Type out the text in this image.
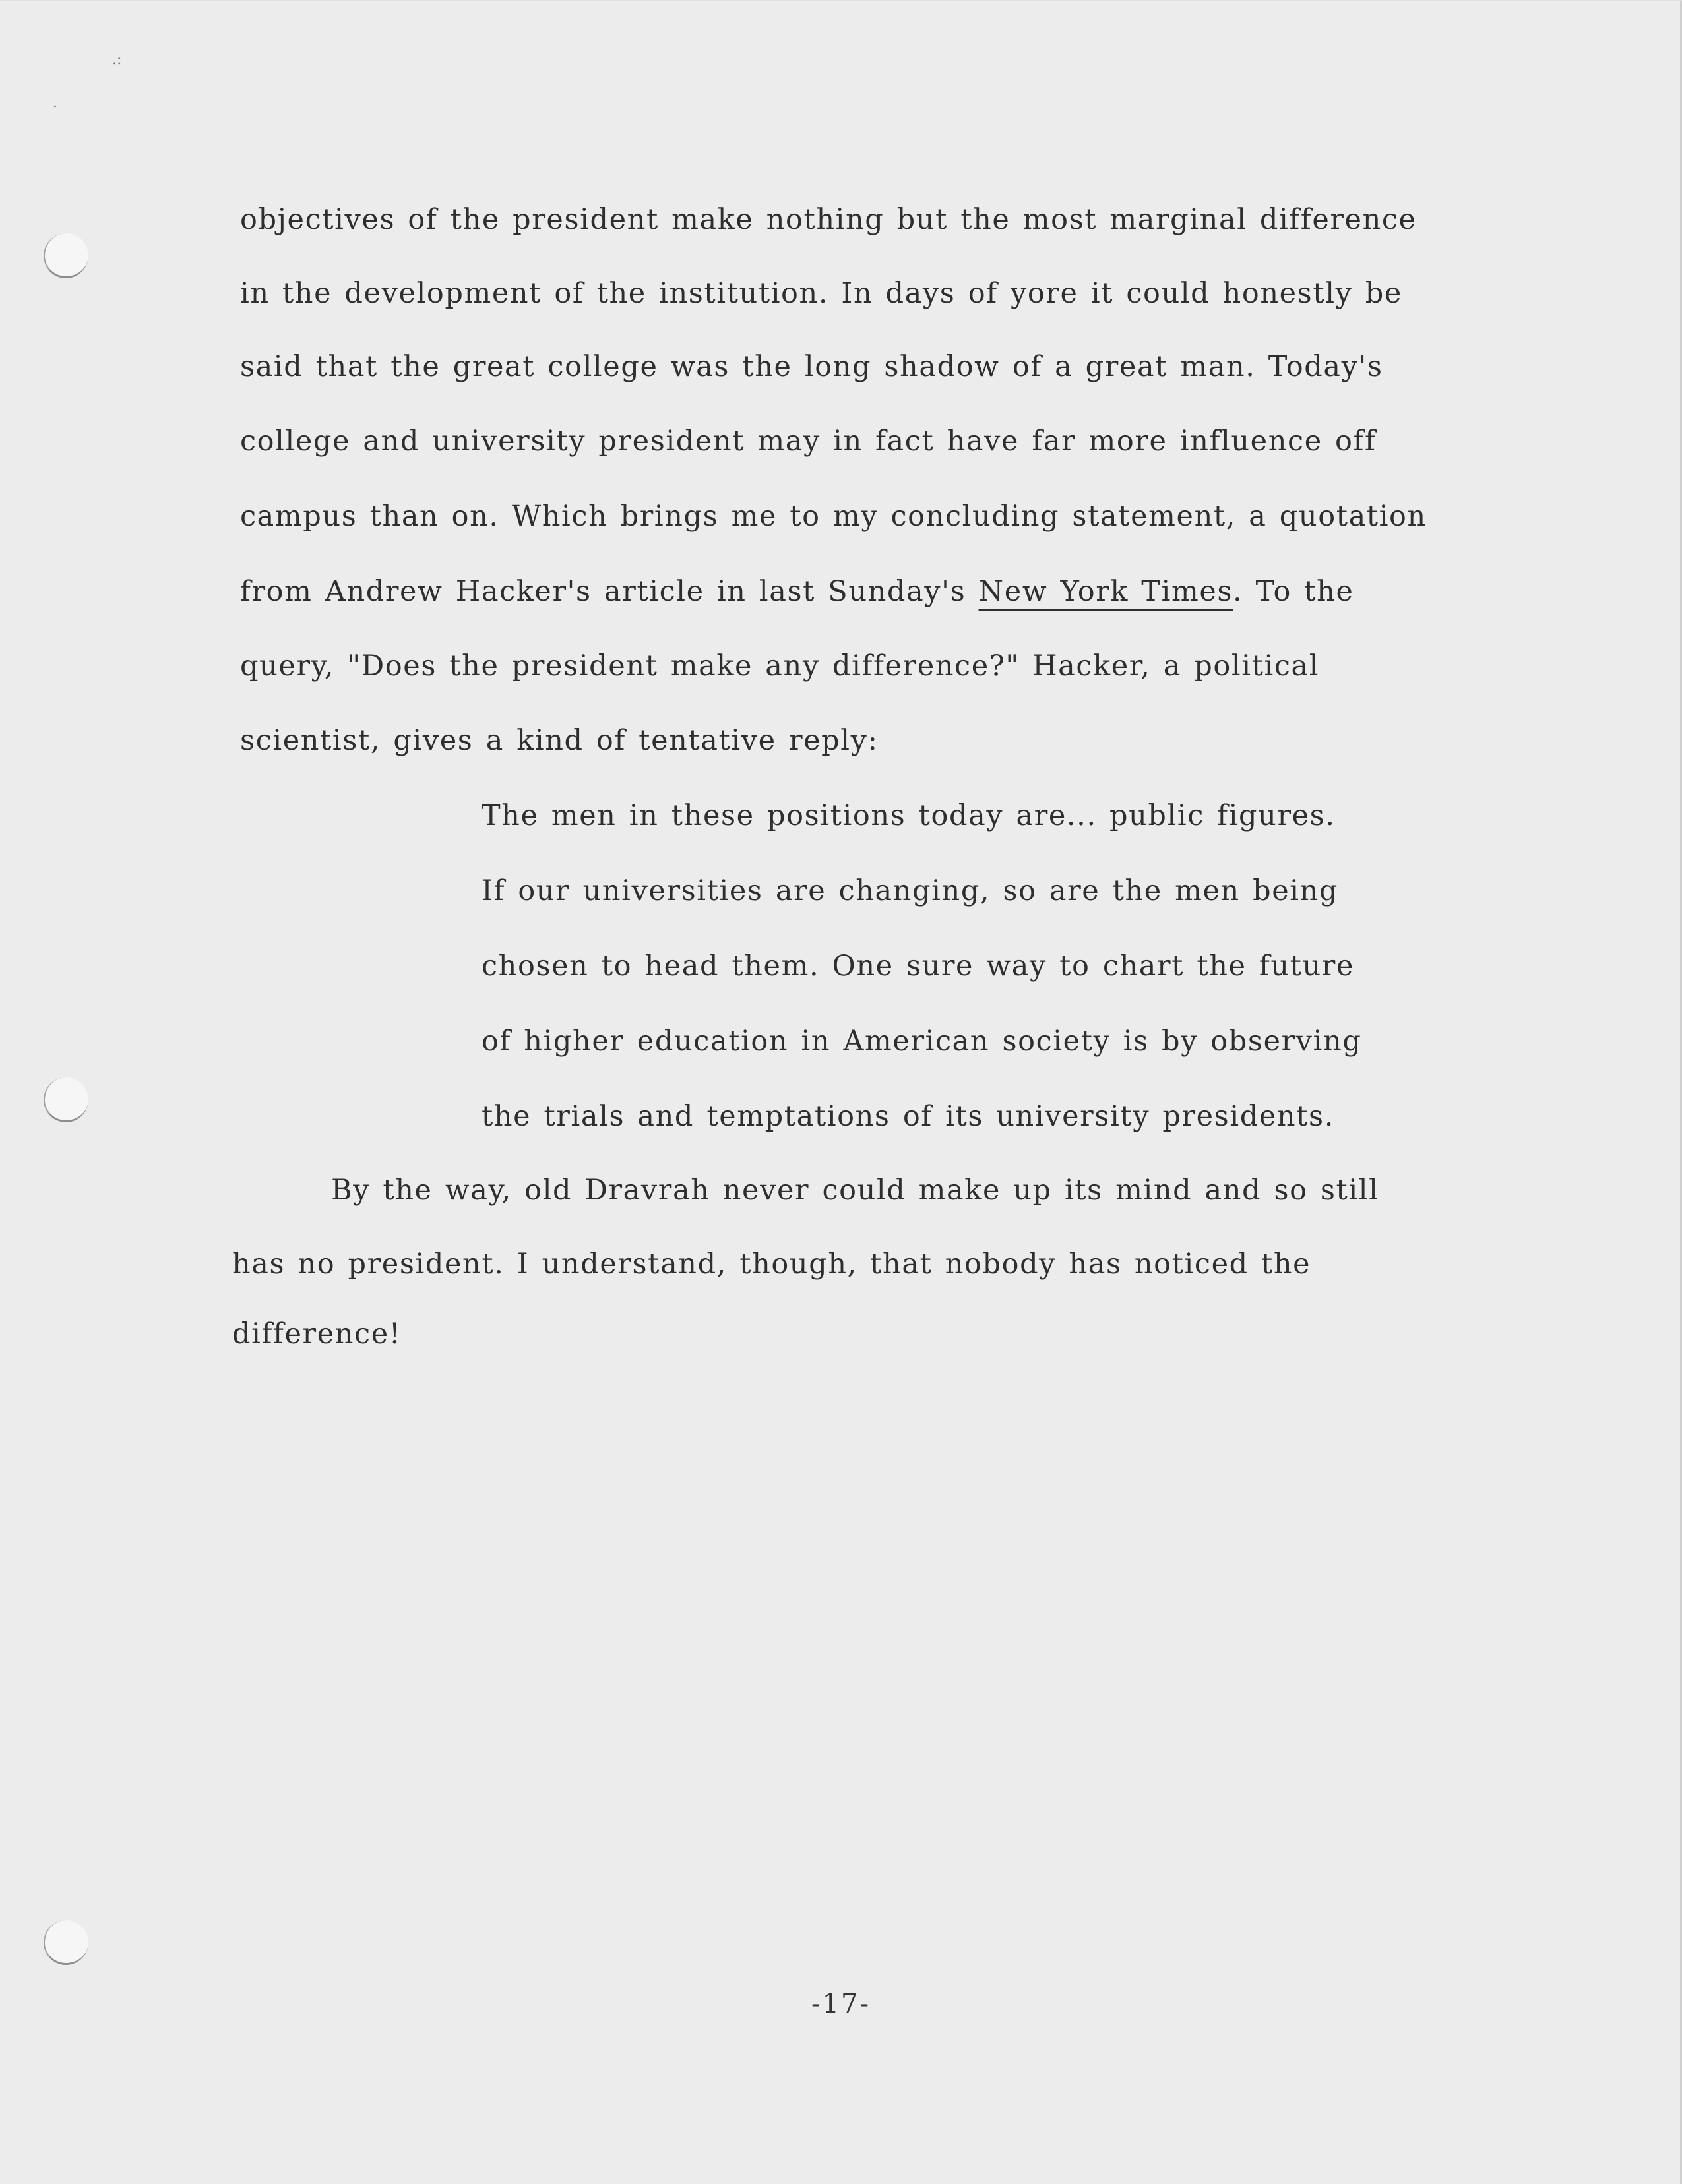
.:
·
objectives of the president make nothing but the most marginal difference
in the development of the institution. In days of yore it could honestly be
said that the great college was the long shadow of a great man. Today's
college and university president may in fact have far more influence off
campus than on. Which brings me to my concluding statement, a quotation
from Andrew Hacker's article in last Sunday's New York Times. To the
query, "Does the president make any difference?" Hacker, a political
scientist, gives a kind of tentative reply:
The men in these positions today are... public figures.
If our universities are changing, so are the men being
chosen to head them. One sure way to chart the future
of higher education in American society is by observing
the trials and temptations of its university presidents.
By the way, old Dravrah never could make up its mind and so still
has no president. I understand, though, that nobody has noticed the
difference!
-17-
